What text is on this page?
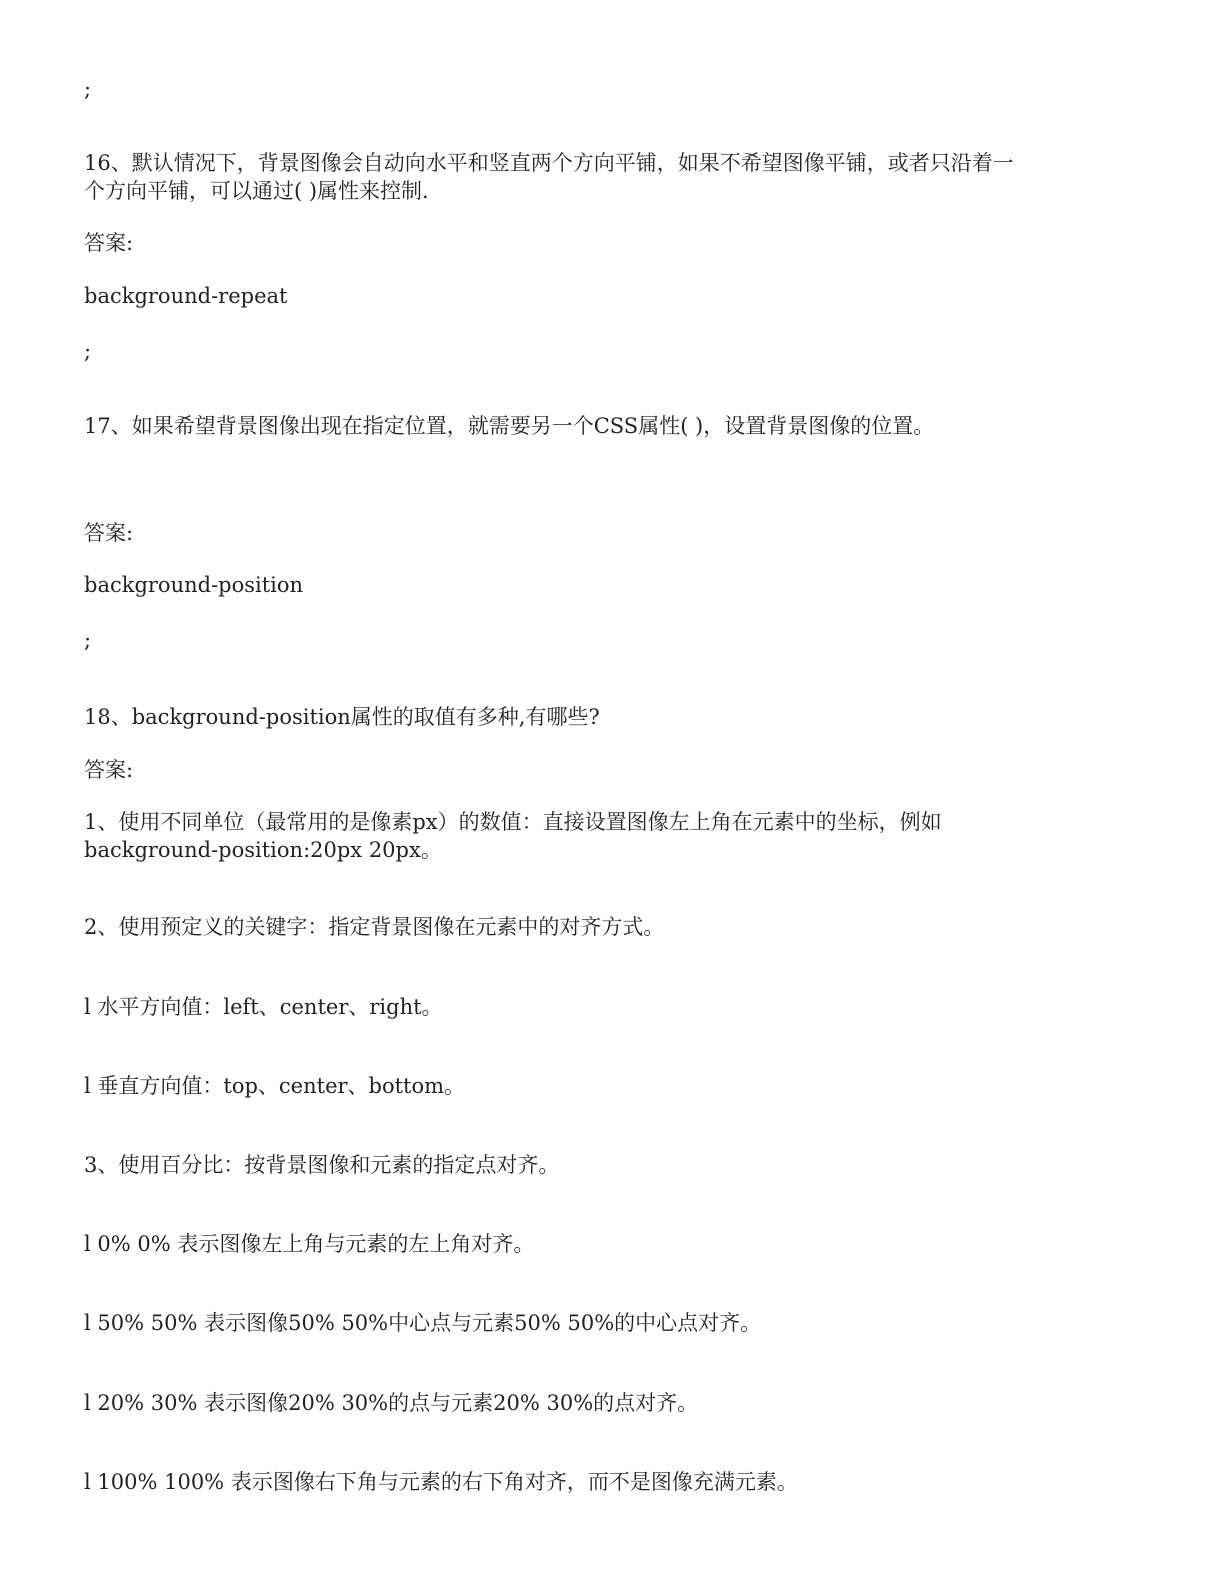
;
16、默认情况下，背景图像会自动向水平和竖直两个方向平铺，如果不希望图像平铺，或者只沿着一
个方向平铺，可以通过( )属性来控制.
答案:
background-repeat
;
17、如果希望背景图像出现在指定位置，就需要另一个CSS属性( )，设置背景图像的位置。
答案:
background-position
;
18、background-position属性的取值有多种,有哪些?
答案:
1、使用不同单位（最常用的是像素px）的数值：直接设置图像左上角在元素中的坐标，例如
background-position:20px 20px。
2、使用预定义的关键字：指定背景图像在元素中的对齐方式。
l 水平方向值：left、center、right。
l 垂直方向值：top、center、bottom。
3、使用百分比：按背景图像和元素的指定点对齐。
l 0% 0% 表示图像左上角与元素的左上角对齐。
l 50% 50% 表示图像50% 50%中心点与元素50% 50%的中心点对齐。
l 20% 30% 表示图像20% 30%的点与元素20% 30%的点对齐。
l 100% 100% 表示图像右下角与元素的右下角对齐，而不是图像充满元素。
